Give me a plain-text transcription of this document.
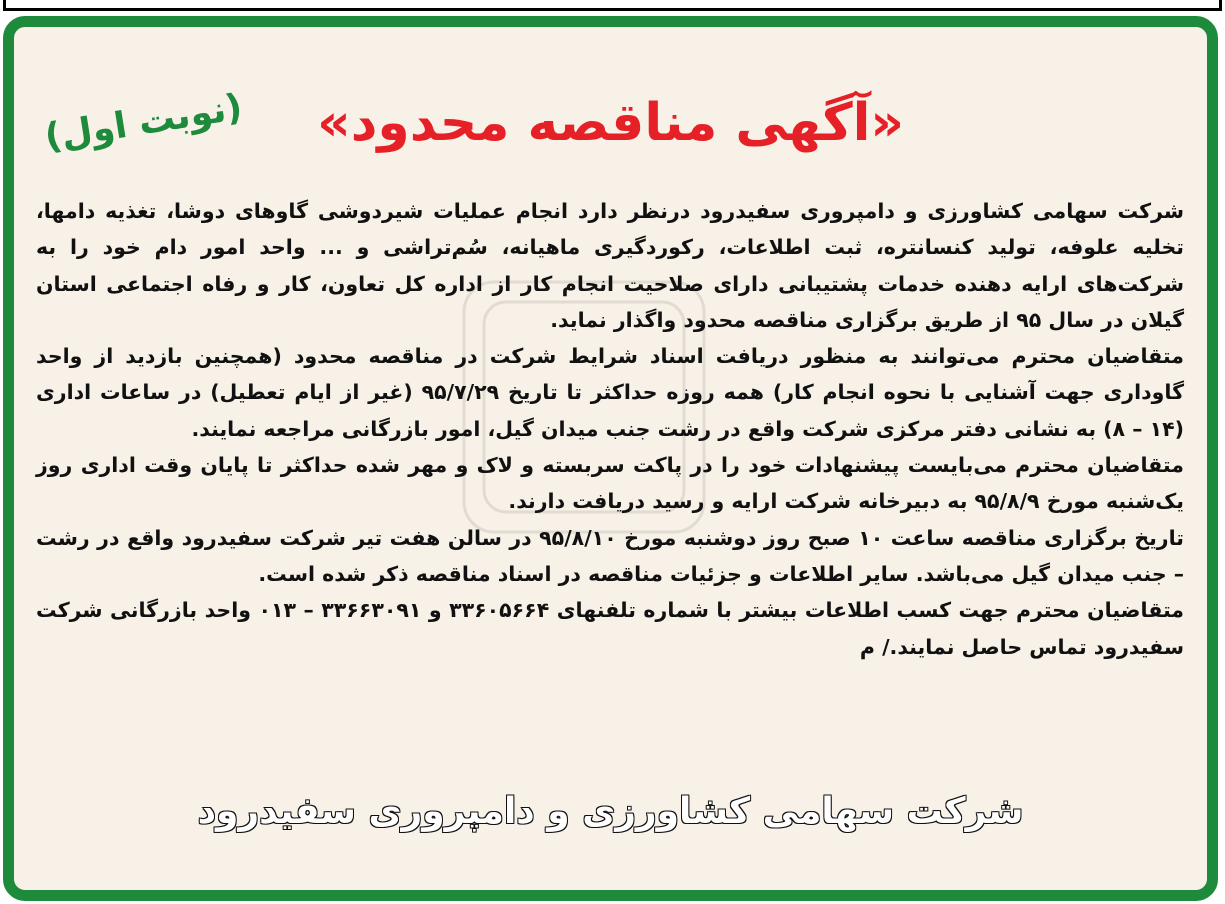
(نوبت اول) «آگهی مناقصه محدود»

شرکت سهامی کشاورزی و دامپروری سفیدرود درنظر دارد انجام عملیات شیردوشی گاوهای دوشا، تغذیه دامها، تخلیه علوفه، تولید کنسانتره، ثبت اطلاعات، رکوردگیری ماهیانه، سُم‌تراشی و ... واحد امور دام خود را به شرکت‌های ارایه دهنده خدمات پشتیبانی دارای صلاحیت انجام کار از اداره کل تعاون، کار و رفاه اجتماعی استان گیلان در سال ۹۵ از طریق برگزاری مناقصه محدود واگذار نماید.

متقاضیان محترم می‌توانند به منظور دریافت اسناد شرایط شرکت در مناقصه محدود (همچنین بازدید از واحد گاوداری جهت آشنایی با نحوه انجام کار) همه روزه حداکثر تا تاریخ ۹۵/۷/۲۹ (غیر از ایام تعطیل) در ساعات اداری (۱۴ – ۸) به نشانی دفتر مرکزی شرکت واقع در رشت جنب میدان گیل، امور بازرگانی مراجعه نمایند.

متقاضیان محترم می‌بایست پیشنهادات خود را در پاکت سربسته و لاک و مهر شده حداکثر تا پایان وقت اداری روز یک‌شنبه مورخ ۹۵/۸/۹ به دبیرخانه شرکت ارایه و رسید دریافت دارند.

تاریخ برگزاری مناقصه ساعت ۱۰ صبح روز دوشنبه مورخ ۹۵/۸/۱۰ در سالن هفت تیر شرکت سفیدرود واقع در رشت – جنب میدان گیل می‌باشد. سایر اطلاعات و جزئیات مناقصه در اسناد مناقصه ذکر شده است.

متقاضیان محترم جهت کسب اطلاعات بیشتر با شماره تلفنهای ۳۳۶۰۵۶۶۴ و ۳۳۶۶۳۰۹۱ – ۰۱۳ واحد بازرگانی شرکت سفیدرود تماس حاصل نمایند./ م

شرکت سهامی کشاورزی و دامپروری سفیدرود
